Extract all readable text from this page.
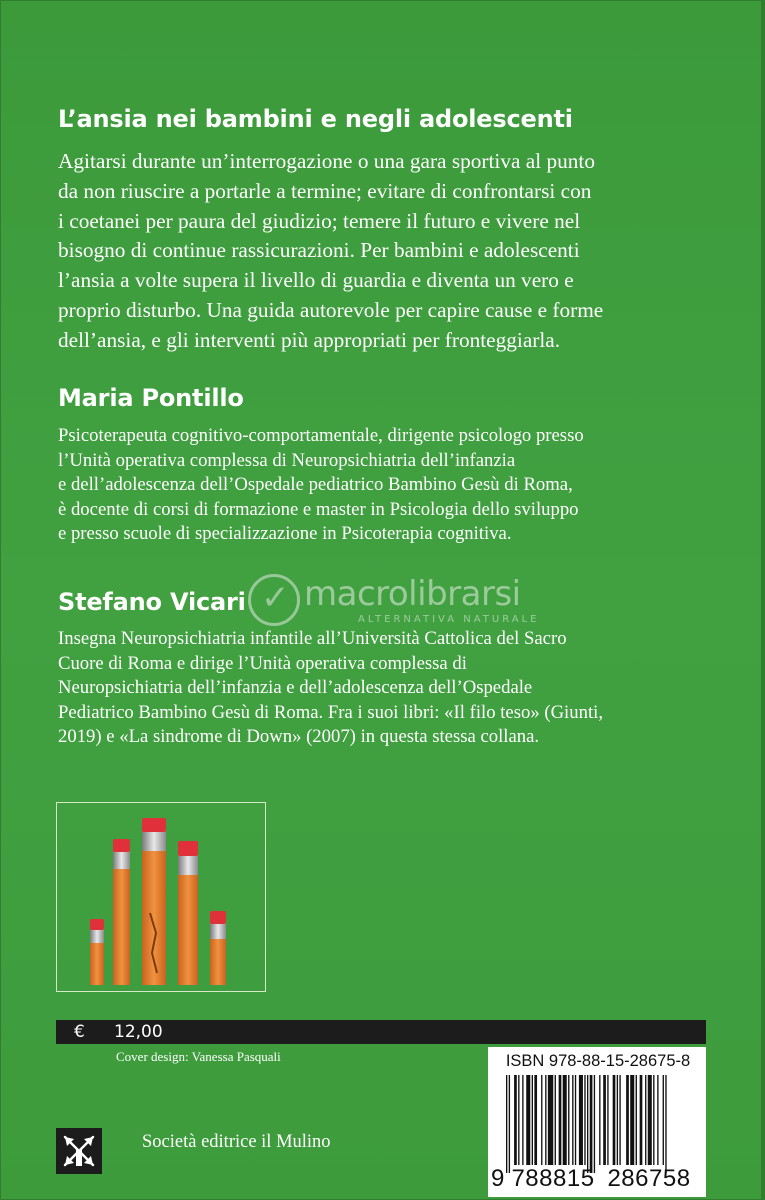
L’ansia nei bambini e negli adolescenti
Agitarsi durante un’interrogazione o una gara sportiva al punto
da non riuscire a portarle a termine; evitare di confrontarsi con
i coetanei per paura del giudizio; temere il futuro e vivere nel
bisogno di continue rassicurazioni. Per bambini e adolescenti
l’ansia a volte supera il livello di guardia e diventa un vero e
proprio disturbo. Una guida autorevole per capire cause e forme
dell’ansia, e gli interventi più appropriati per fronteggiarla.
Maria Pontillo
Psicoterapeuta cognitivo-comportamentale, dirigente psicologo presso
l’Unità operativa complessa di Neuropsichiatria dell’infanzia
e dell’adolescenza dell’Ospedale pediatrico Bambino Gesù di Roma,
è docente di corsi di formazione e master in Psicologia dello sviluppo
e presso scuole di specializzazione in Psicoterapia cognitiva.
✓ macrolibrarsi
ALTERNATIVA NATURALE
Stefano Vicari
Insegna Neuropsichiatria infantile all’Università Cattolica del Sacro
Cuore di Roma e dirige l’Unità operativa complessa di
Neuropsichiatria dell’infanzia e dell’adolescenza dell’Ospedale
Pediatrico Bambino Gesù di Roma. Fra i suoi libri: «Il filo teso» (Giunti,
2019) e «La sindrome di Down» (2007) in questa stessa collana.
€ 12,00
Cover design: Vanessa Pasquali	ISBN 978-88-15-28675-8
9 788815 286758
Società editrice il Mulino
